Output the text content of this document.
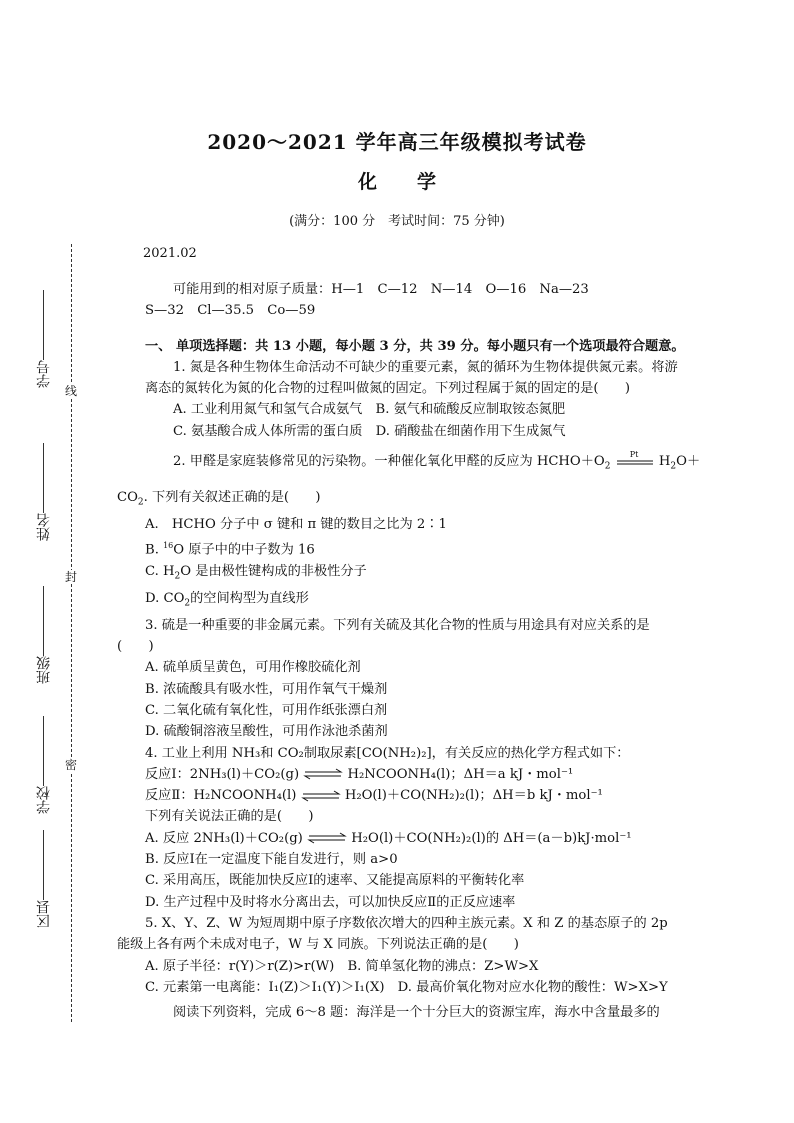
2020～2021 学年高三年级模拟考试卷
化学
(满分：100 分　考试时间：75 分钟)
2021.02
线
封
密
学号
姓名
班级
学校
区县

可能用到的相对原子质量：H—1　C—12　N—14　O—16　Na—23

S—32　Cl—35.5　Co—59

一、 单项选择题：共 13 小题，每小题 3 分，共 39 分。每小题只有一个选项最符合题意。

1. 氮是各种生物体生命活动不可缺少的重要元素，氮的循环为生物体提供氮元素。将游

离态的氮转化为氮的化合物的过程叫做氮的固定。下列过程属于氮的固定的是(　　)

A. 工业利用氮气和氢气合成氨气　B. 氨气和硫酸反应制取铵态氮肥

C. 氨基酸合成人体所需的蛋白质　D. 硝酸盐在细菌作用下生成氮气

2. 甲醛是家庭装修常见的污染物。一种催化氧化甲醛的反应为 $HCHO+O_2$
Pt $H_2O+$

$CO_2$. 下列有关叙述正确的是(　　)

A.　HCHO 分子中 σ 键和 π 键的数目之比为 2∶1

B. $^{16}$O 原子中的中子数为 16

C. $H_2O$ 是由极性键构成的非极性分子

D. $CO_2$的空间构型为直线形

3. 硫是一种重要的非金属元素。下列有关硫及其化合物的性质与用途具有对应关系的是

(　　)

A. 硫单质呈黄色，可用作橡胶硫化剂

B. 浓硫酸具有吸水性，可用作氧气干燥剂

C. 二氧化硫有氧化性，可用作纸张漂白剂

D. 硫酸铜溶液呈酸性，可用作泳池杀菌剂

4. 工业上利用 NH₃和 CO₂制取尿素[CO(NH₂)₂]，有关反应的热化学方程式如下：

反应Ⅰ：2NH₃(l)＋CO₂(g) ⇌ H₂NCOONH₄(l)；ΔH＝a kJ・mol⁻¹

反应Ⅱ：H₂NCOONH₄(l) ⇌ H₂O(l)＋CO(NH₂)₂(l)；ΔH＝b kJ・mol⁻¹

下列有关说法正确的是(　　)

A. 反应 2NH₃(l)＋CO₂(g) ⇌ H₂O(l)＋CO(NH₂)₂(l)的 ΔH＝(a－b)kJ·mol⁻¹

B. 反应Ⅰ在一定温度下能自发进行，则 a>0

C. 采用高压，既能加快反应Ⅰ的速率、又能提高原料的平衡转化率

D. 生产过程中及时将水分离出去，可以加快反应Ⅱ的正反应速率

5. X、Y、Z、W 为短周期中原子序数依次增大的四种主族元素。X 和 Z 的基态原子的 2p

能级上各有两个未成对电子，W 与 X 同族。下列说法正确的是(　　)

A. 原子半径：r(Y)＞r(Z)>r(W)　B. 简单氢化物的沸点：Z>W>X

C. 元素第一电离能：I₁(Z)＞I₁(Y)＞I₁(X)　D. 最高价氧化物对应水化物的酸性：W>X>Y

阅读下列资料，完成 6～8 题：海洋是一个十分巨大的资源宝库，海水中含量最多的
